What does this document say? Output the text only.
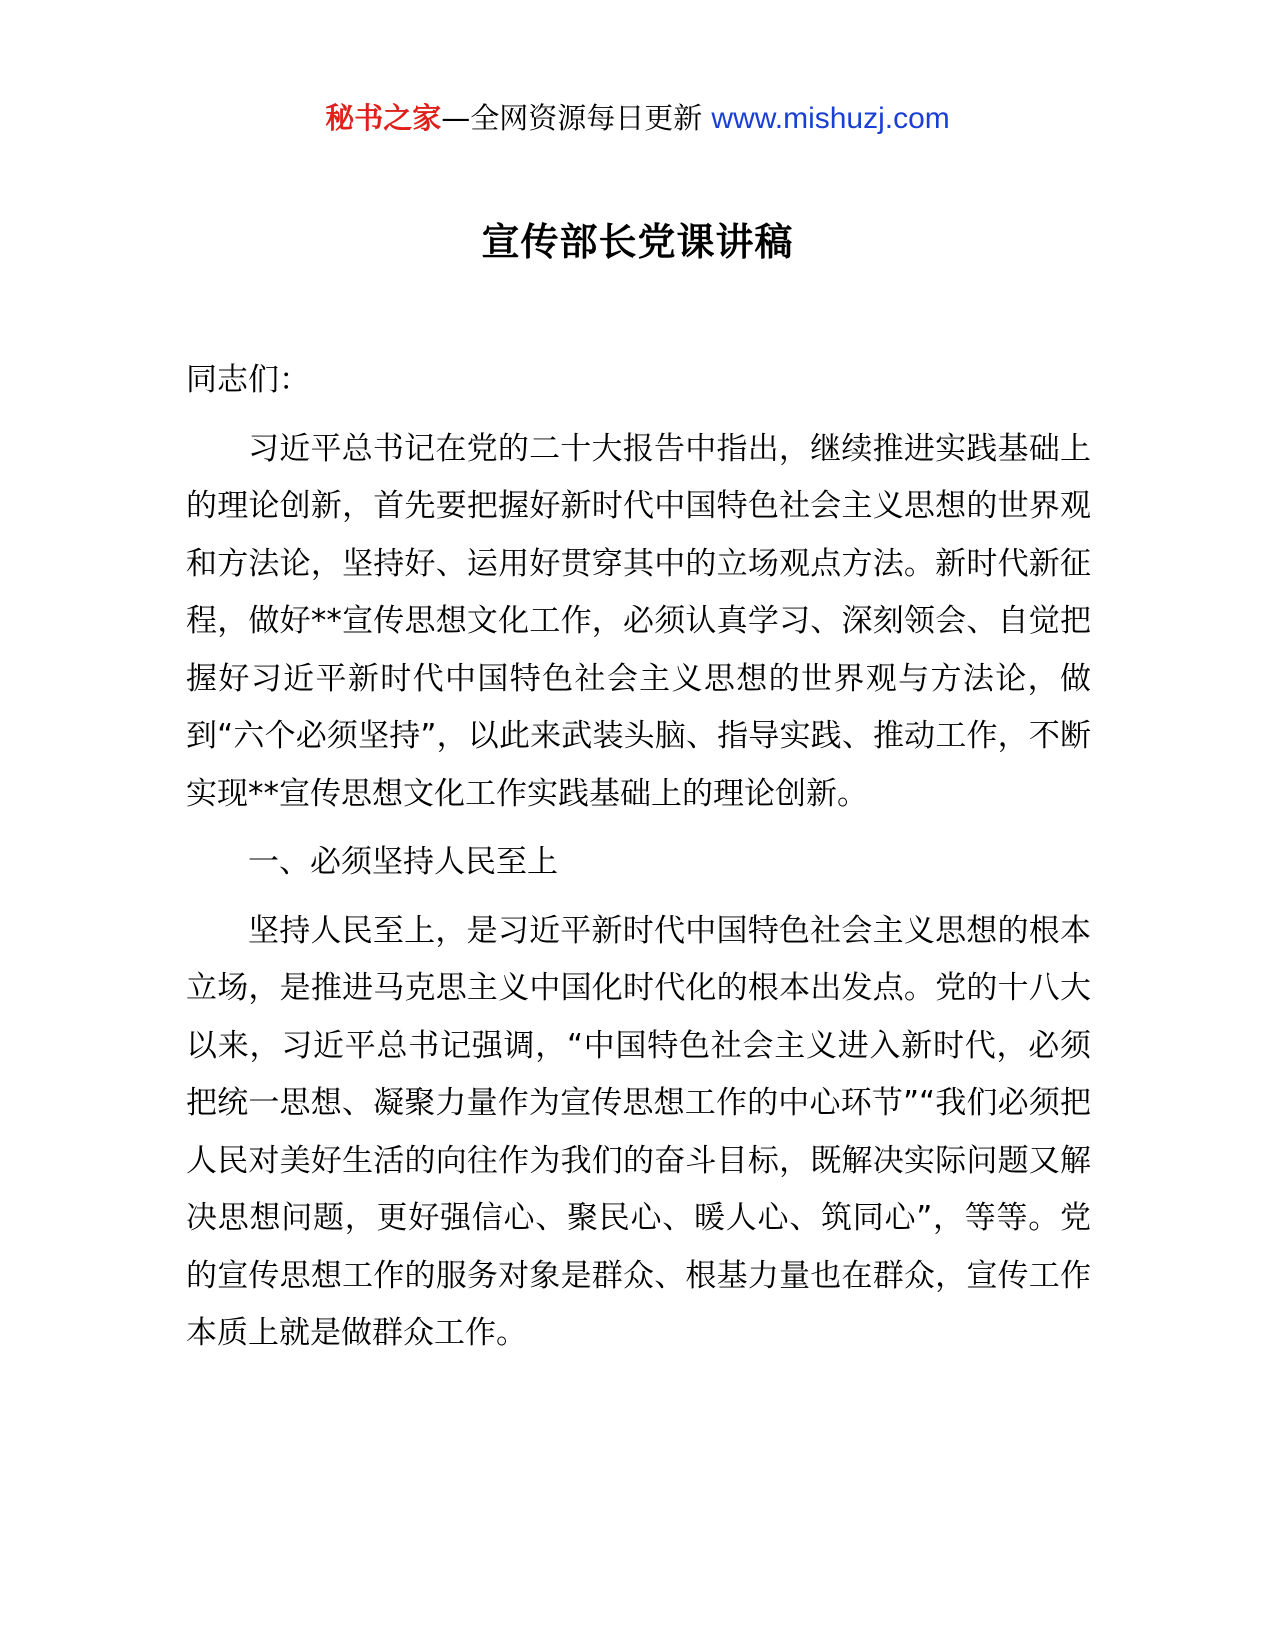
秘书之家—全网资源每日更新 www.mishuzj.com
宣传部长党课讲稿

同志们：

习近平总书记在党的二十大报告中指出，继续推进实践基础上的理论创新，首先要把握好新时代中国特色社会主义思想的世界观和方法论，坚持好、运用好贯穿其中的立场观点方法。新时代新征程，做好**宣传思想文化工作，必须认真学习、深刻领会、自觉把握好习近平新时代中国特色社会主义思想的世界观与方法论，做到“六个必须坚持”，以此来武装头脑、指导实践、推动工作，不断实现**宣传思想文化工作实践基础上的理论创新。

一、必须坚持人民至上

坚持人民至上，是习近平新时代中国特色社会主义思想的根本立场，是推进马克思主义中国化时代化的根本出发点。党的十八大以来，习近平总书记强调，“中国特色社会主义进入新时代，必须把统一思想、凝聚力量作为宣传思想工作的中心环节”“我们必须把人民对美好生活的向往作为我们的奋斗目标，既解决实际问题又解决思想问题，更好强信心、聚民心、暖人心、筑同心”，等等。党的宣传思想工作的服务对象是群众、根基力量也在群众，宣传工作本质上就是做群众工作。
